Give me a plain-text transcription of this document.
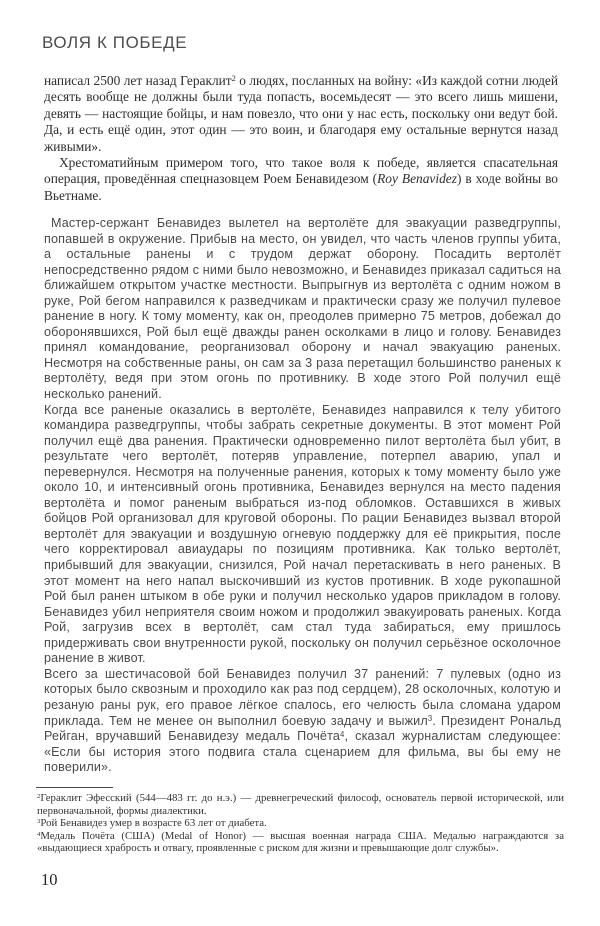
ВОЛЯ К ПОБЕДЕ

написал 2500 лет назад Гераклит$^2$ о людях, посланных на войну: «Из каждой сотни людей десять вообще не должны были туда попасть, восемьдесят — это всего лишь мишени, девять — настоящие бойцы, и нам повезло, что они у нас есть, поскольку они ведут бой. Да, и есть ещё один, этот один — это воин, и благодаря ему остальные вернутся назад живыми».

Хрестоматийным примером того, что такое воля к победе, является спасательная операция, проведённая спецназовцем Роем Бенавидезом (Roy Benavidez) в ходе войны во Вьетнаме.

Мастер-сержант Бенавидез вылетел на вертолёте для эвакуации разведгруппы, попавшей в окружение. Прибыв на место, он увидел, что часть членов группы убита, а остальные ранены и с трудом держат оборону. Посадить вертолёт непосредственно рядом с ними было невозможно, и Бенавидез приказал садиться на ближайшем открытом участке местности. Выпрыгнув из вертолёта с одним ножом в руке, Рой бегом направился к разведчикам и практически сразу же получил пулевое ранение в ногу. К тому моменту, как он, преодолев примерно 75 метров, добежал до оборонявшихся, Рой был ещё дважды ранен осколками в лицо и голову. Бенавидез принял командование, реорганизовал оборону и начал эвакуацию раненых. Несмотря на собственные раны, он сам за 3 раза перетащил большинство раненых к вертолёту, ведя при этом огонь по противнику. В ходе этого Рой получил ещё несколько ранений.

Когда все раненые оказались в вертолёте, Бенавидез направился к телу убитого командира разведгруппы, чтобы забрать секретные документы. В этот момент Рой получил ещё два ранения. Практически одновременно пилот вертолёта был убит, в результате чего вертолёт, потеряв управление, потерпел аварию, упал и перевернулся. Несмотря на полученные ранения, которых к тому моменту было уже около 10, и интенсивный огонь противника, Бенавидез вернулся на место падения вертолёта и помог раненым выбраться из-под обломков. Оставшихся в живых бойцов Рой организовал для круговой обороны. По рации Бенавидез вызвал второй вертолёт для эвакуации и воздушную огневую поддержку для её прикрытия, после чего корректировал авиаудары по позициям противника. Как только вертолёт, прибывший для эвакуации, снизился, Рой начал перетаскивать в него раненых. В этот момент на него напал выскочивший из кустов противник. В ходе рукопашной Рой был ранен штыком в обе руки и получил несколько ударов прикладом в голову. Бенавидез убил неприятеля своим ножом и продолжил эвакуировать раненых. Когда Рой, загрузив всех в вертолёт, сам стал туда забираться, ему пришлось придерживать свои внутренности рукой, поскольку он получил серьёзное осколочное ранение в живот.

Всего за шестичасовой бой Бенавидез получил 37 ранений: 7 пулевых (одно из которых было сквозным и проходило как раз под сердцем), 28 осколочных, колотую и резаную раны рук, его правое лёгкое спалось, его челюсть была сломана ударом приклада. Тем не менее он выполнил боевую задачу и выжил$^3$. Президент Рональд Рейган, вручавший Бенавидезу медаль Почёта$^4$, сказал журналистам следующее: «Если бы история этого подвига стала сценарием для фильма, вы бы ему не поверили».

$^2$Гераклит Эфесский (544—483 гг. до н.э.) — древнегреческий философ, основатель первой исторической, или первоначальной, формы диалектики.

$^3$Рой Бенавидез умер в возрасте 63 лет от диабета.

$^4$Медаль Почёта (США) (Medal of Honor) — высшая военная награда США. Медалью награждаются за «выдающиеся храбрость и отвагу, проявленные с риском для жизни и превышающие долг службы».

10
